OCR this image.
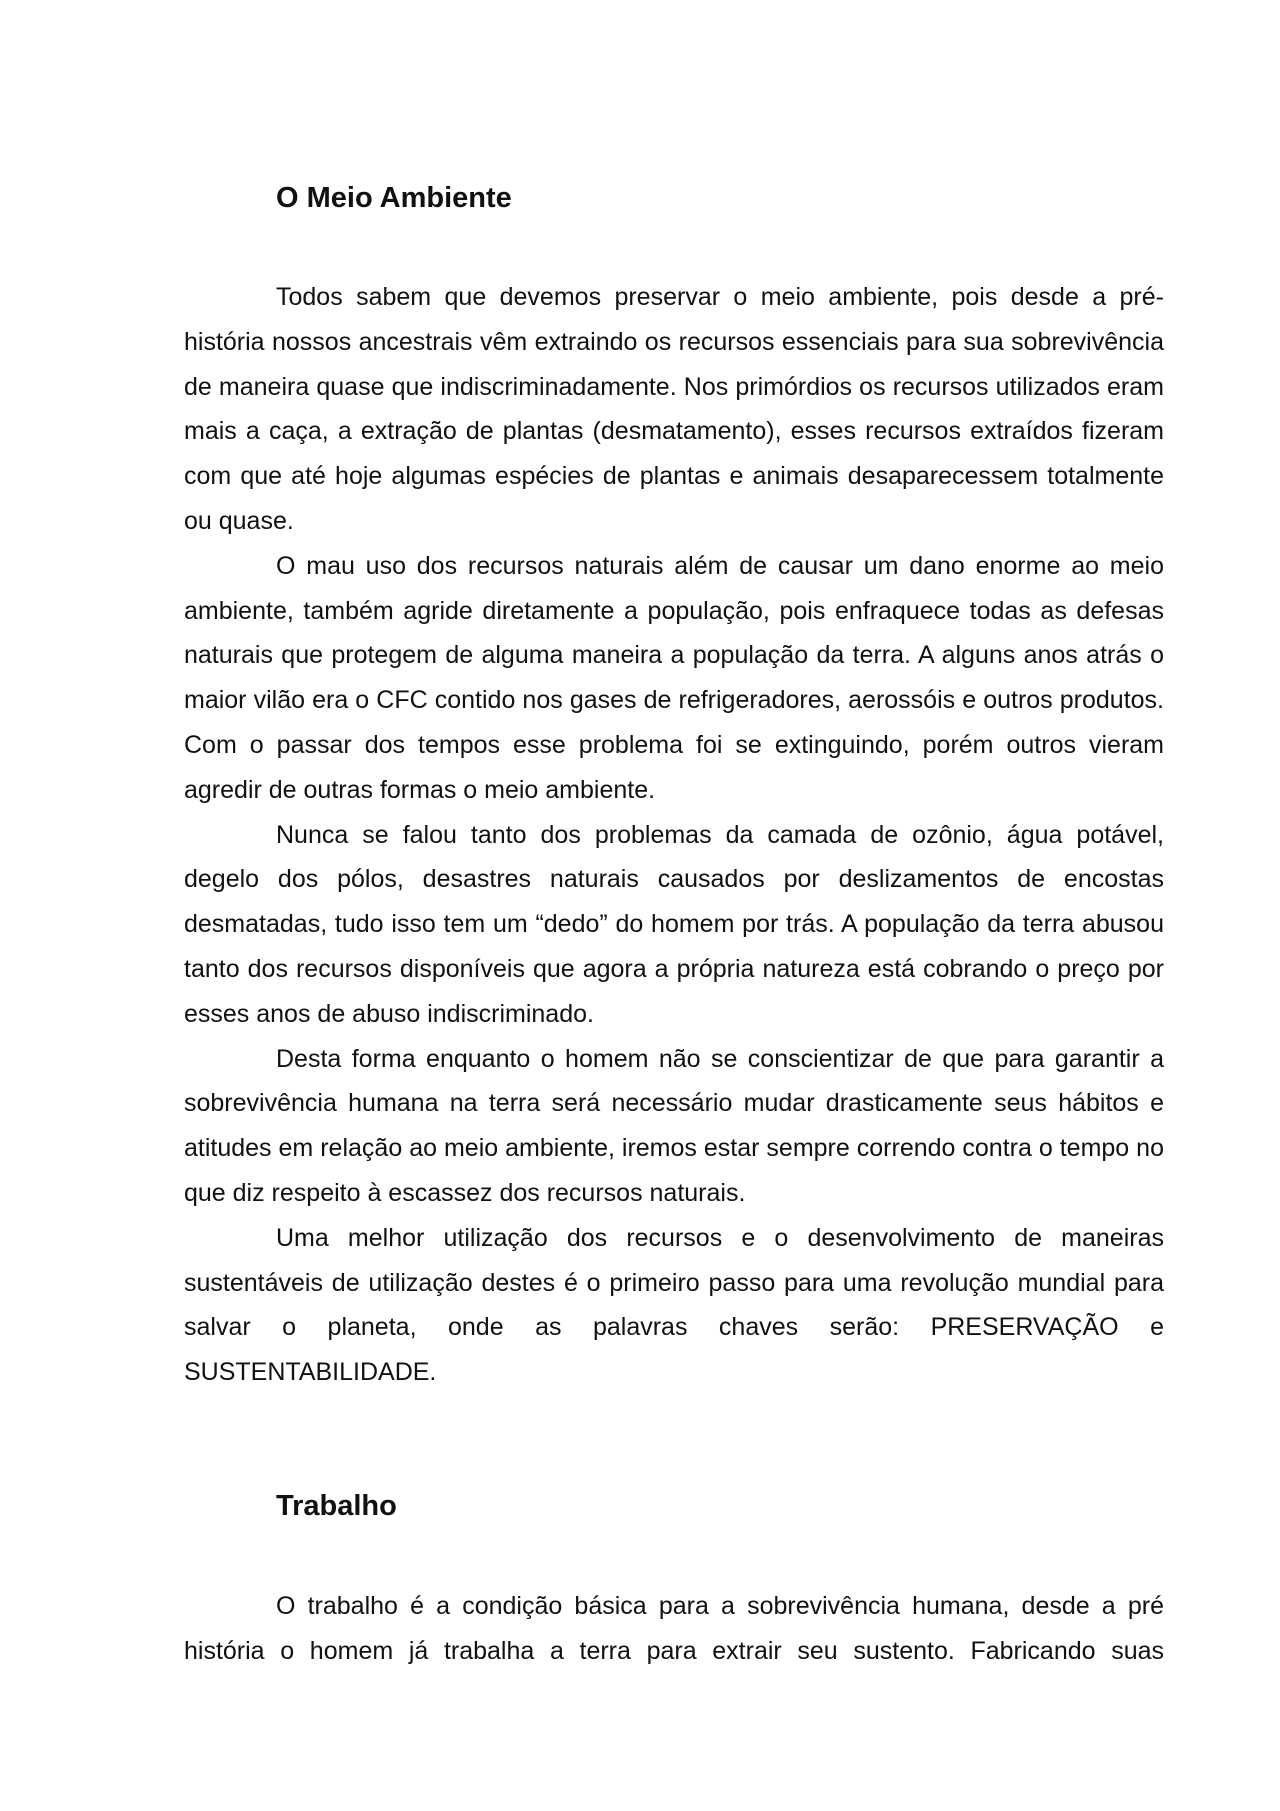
O Meio Ambiente

Todos sabem que devemos preservar o meio ambiente, pois desde a pré-história nossos ancestrais vêm extraindo os recursos essenciais para sua sobrevivência de maneira quase que indiscriminadamente. Nos primórdios os recursos utilizados eram mais a caça, a extração de plantas (desmatamento), esses recursos extraídos fizeram com que até hoje algumas espécies de plantas e animais desaparecessem totalmente ou quase.

O mau uso dos recursos naturais além de causar um dano enorme ao meio ambiente, também agride diretamente a população, pois enfraquece todas as defesas naturais que protegem de alguma maneira a população da terra. A alguns anos atrás o maior vilão era o CFC contido nos gases de refrigeradores, aerossóis e outros produtos. Com o passar dos tempos esse problema foi se extinguindo, porém outros vieram agredir de outras formas o meio ambiente.

Nunca se falou tanto dos problemas da camada de ozônio, água potável, degelo dos pólos, desastres naturais causados por deslizamentos de encostas desmatadas, tudo isso tem um “dedo” do homem por trás. A população da terra abusou tanto dos recursos disponíveis que agora a própria natureza está cobrando o preço por esses anos de abuso indiscriminado.

Desta forma enquanto o homem não se conscientizar de que para garantir a sobrevivência humana na terra será necessário mudar drasticamente seus hábitos e atitudes em relação ao meio ambiente, iremos estar sempre correndo contra o tempo no que diz respeito à escassez dos recursos naturais.

Uma melhor utilização dos recursos e o desenvolvimento de maneiras sustentáveis de utilização destes é o primeiro passo para uma revolução mundial para salvar o planeta, onde as palavras chaves serão: PRESERVAÇÃO e SUSTENTABILIDADE.

Trabalho

O trabalho é a condição básica para a sobrevivência humana, desde a pré história o homem já trabalha a terra para extrair seu sustento. Fabricando suas
